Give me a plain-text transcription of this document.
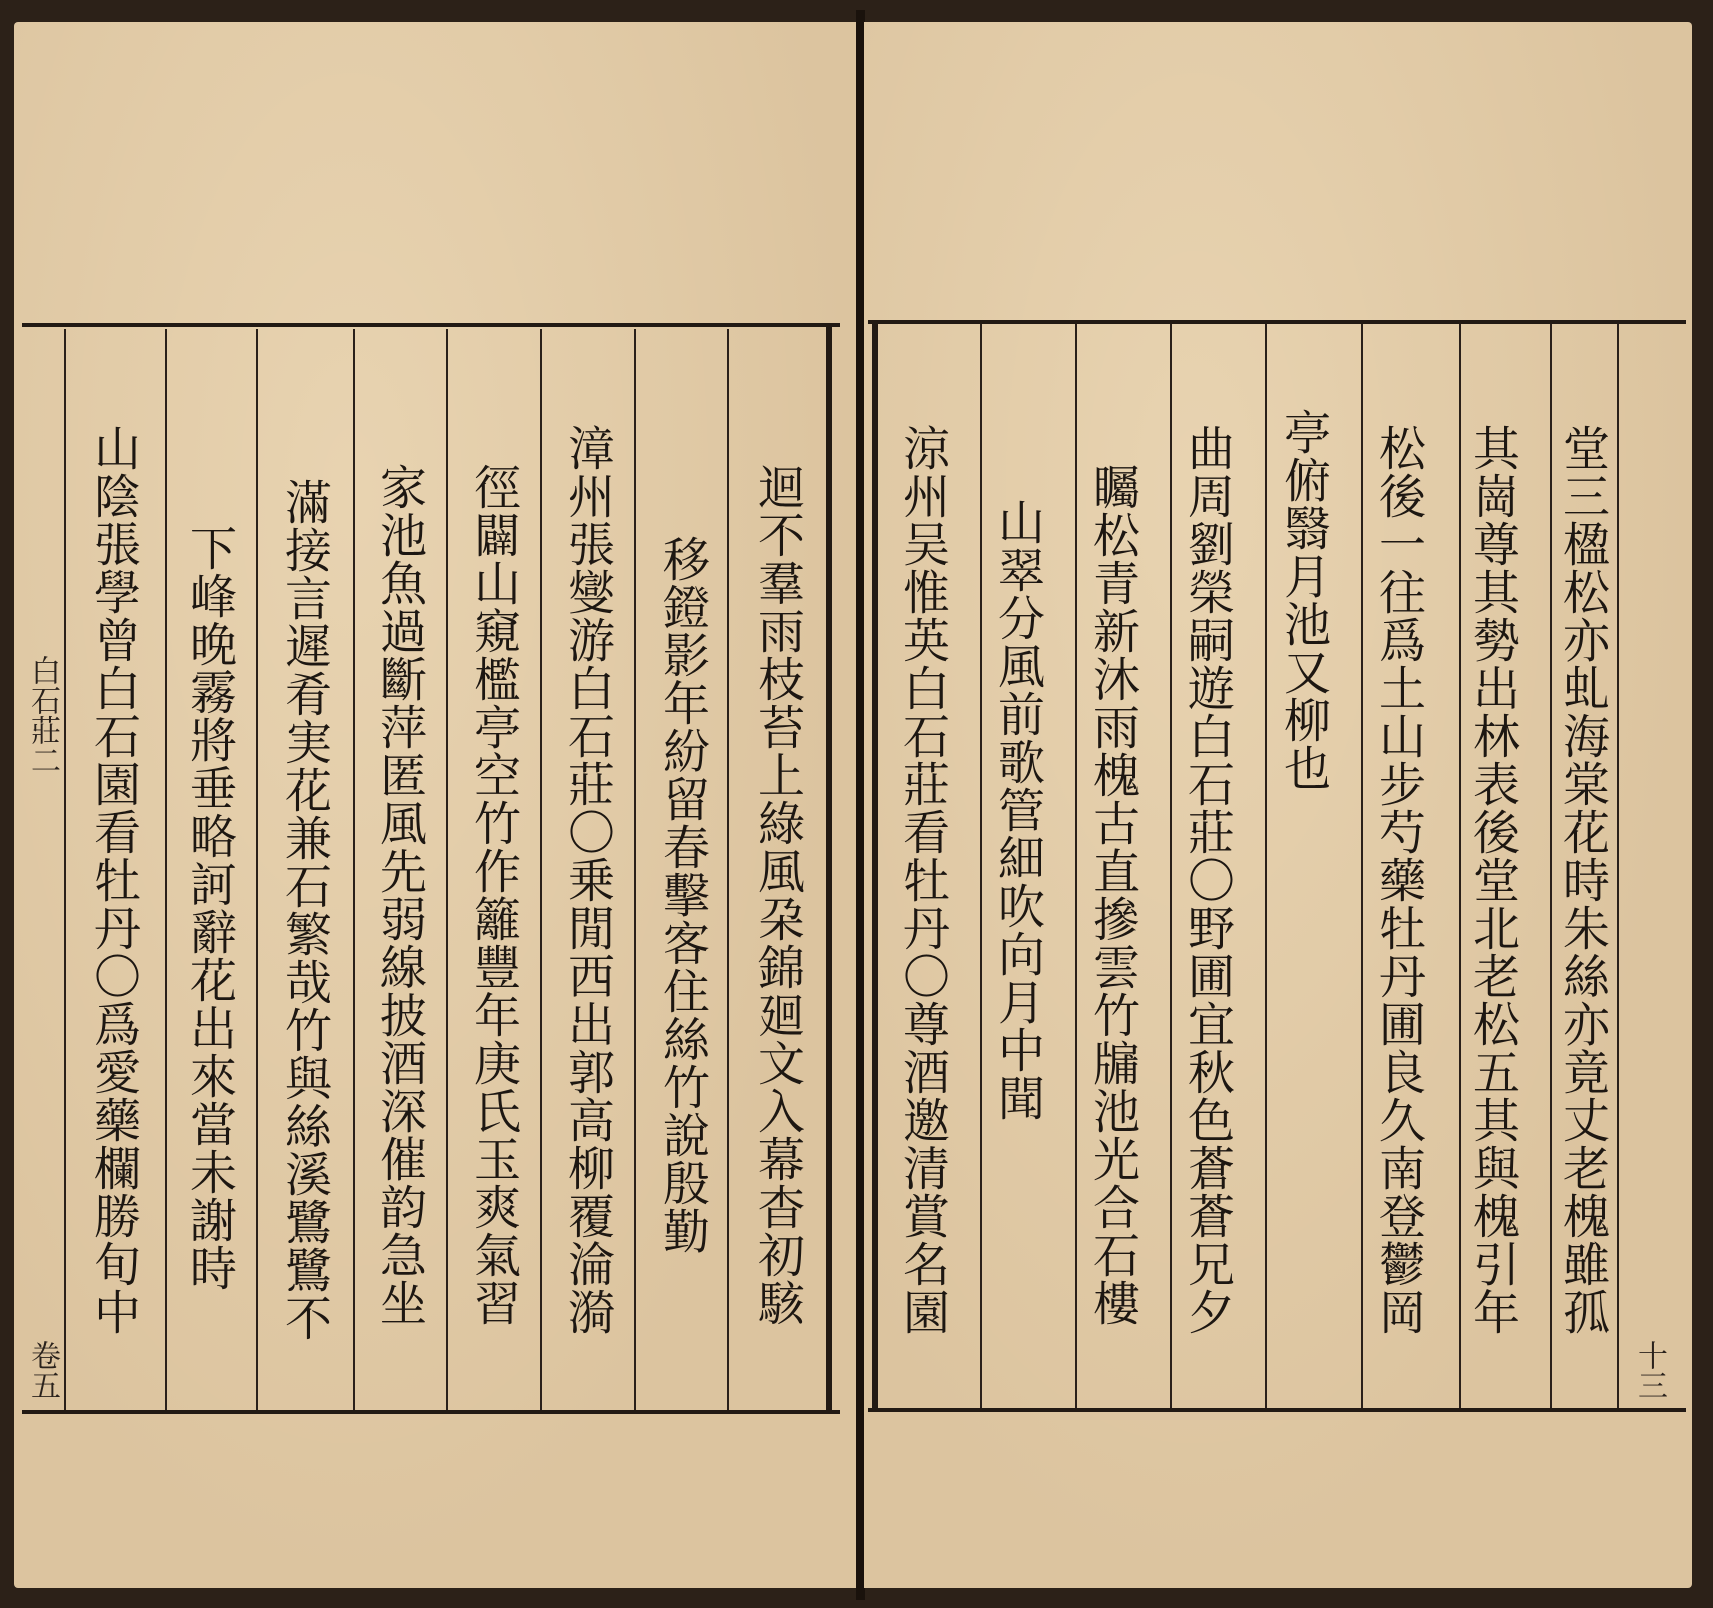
迴不羣雨枝苔上綠風朶錦廻文入幕杳初駭
移鐙影年紛留春擊客住絲竹說殷勤
漳州張燮游白石莊〇乗閒西出郭高柳覆淪漪
徑闢山窺檻亭空竹作籬豐年庚氏玉爽氣習
家池魚過斷萍匿風先弱線披酒深催韵急坐
滿接言遲肴実花兼石繁哉竹與絲溪鷺鷺不
下峰晚霧將垂略訶辭花出來當未謝時
山陰張學曾白石園看牡丹〇爲愛藥欄勝旬中
白石莊二
卷五
堂三楹松亦虬海棠花時朱絲亦竟丈老槐雖孤
其崗尊其勢出林表後堂北老松五其與槐引年
松後一往爲土山步芍藥牡丹圃良久南登鬱岡
亭俯翳月池又柳也
曲周劉榮嗣遊白石莊〇野圃宜秋色蒼蒼兄夕
矚松青新沐雨槐古直摻雲竹牖池光合石樓
山翠分風前歌管細吹向月中聞
涼州吴惟英白石莊看牡丹〇尊酒邀清賞名園
十三
